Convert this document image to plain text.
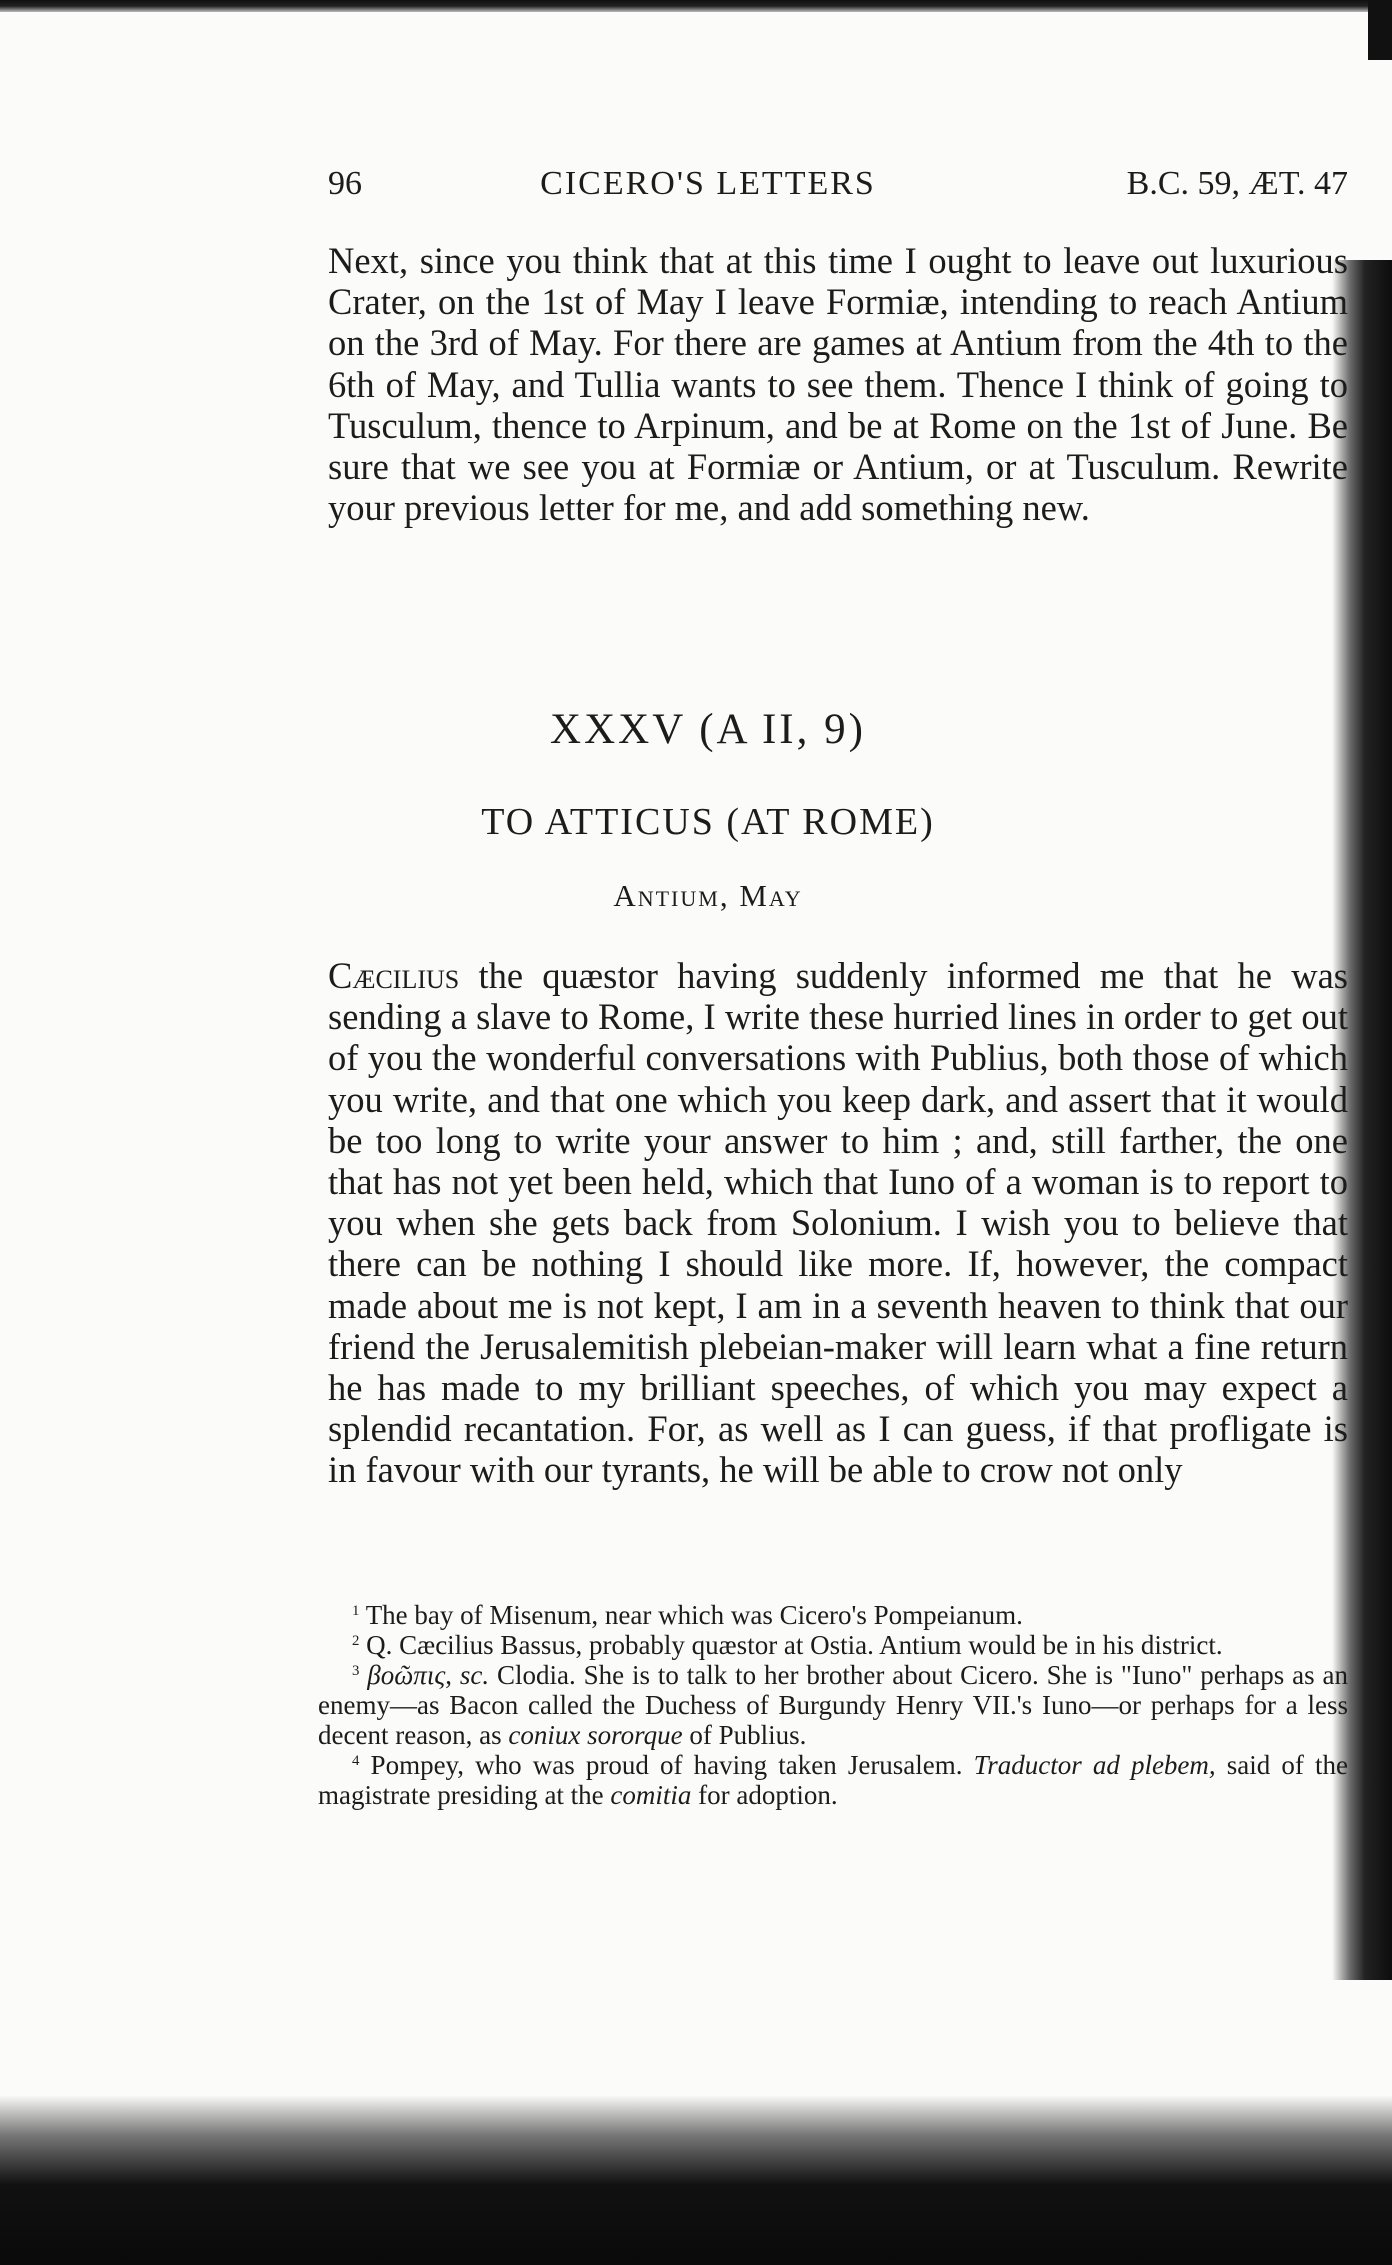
96	CICERO'S LETTERS	B.C. 59, ÆT. 47

Next, since you think that at this time I ought to leave out luxurious Crater, on the 1st of May I leave Formiæ, intending to reach Antium on the 3rd of May. For there are games at Antium from the 4th to the 6th of May, and Tullia wants to see them. Thence I think of going to Tusculum, thence to Arpinum, and be at Rome on the 1st of June. Be sure that we see you at Formiæ or Antium, or at Tusculum. Rewrite your previous letter for me, and add something new.

XXXV (A II, 9)
TO ATTICUS (AT ROME)
Antium, May

Cæcilius the quæstor having suddenly informed me that he was sending a slave to Rome, I write these hurried lines in order to get out of you the wonderful conversations with Publius, both those of which you write, and that one which you keep dark, and assert that it would be too long to write your answer to him ; and, still farther, the one that has not yet been held, which that Iuno of a woman is to report to you when she gets back from Solonium. I wish you to believe that there can be nothing I should like more. If, however, the compact made about me is not kept, I am in a seventh heaven to think that our friend the Jerusalemitish plebeian-maker will learn what a fine return he has made to my brilliant speeches, of which you may expect a splendid recantation. For, as well as I can guess, if that profligate is in favour with our tyrants, he will be able to crow not only

$^1$ The bay of Misenum, near which was Cicero's Pompeianum.

$^2$ Q. Cæcilius Bassus, probably quæstor at Ostia. Antium would be in his district.

$^3$ βοῶπις, sc. Clodia. She is to talk to her brother about Cicero. She is "Iuno" perhaps as an enemy—as Bacon called the Duchess of Burgundy Henry VII.'s Iuno—or perhaps for a less decent reason, as coniux sororque of Publius.

$^4$ Pompey, who was proud of having taken Jerusalem. Traductor ad plebem, said of the magistrate presiding at the comitia for adoption.
